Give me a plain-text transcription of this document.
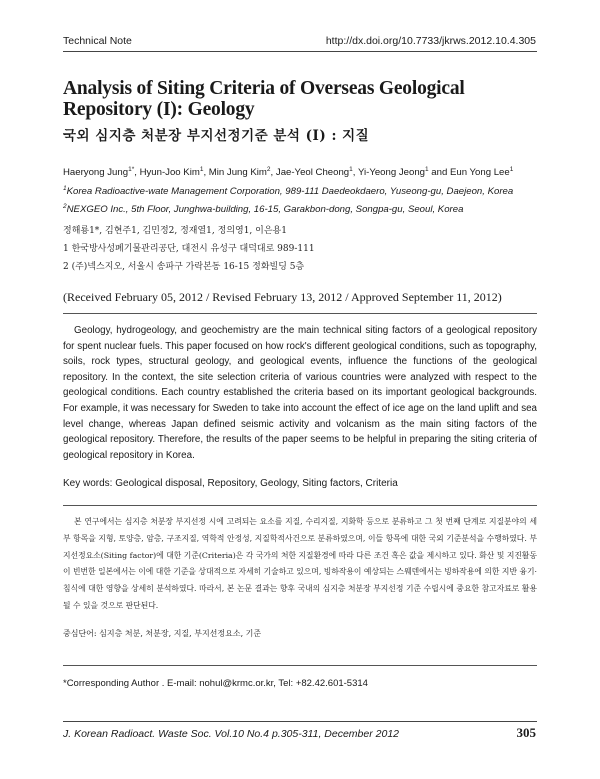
Technical Note	http://dx.doi.org/10.7733/jkrws.2012.10.4.305
Analysis of Siting Criteria of Overseas Geological Repository (I): Geology
국외 심지층 처분장 부지선정기준 분석 (I) : 지질
Haeryong Jung$^{1*}$, Hyun-Joo Kim$^1$, Min Jung Kim$^2$, Jae-Yeol Cheong$^1$, Yi-Yeong Jeong$^1$ and Eun Yong Lee$^1$
$^1$Korea Radioactive-wate Management Corporation, 989-111 Daedeokdaero, Yuseong-gu, Daejeon, Korea
$^2$NEXGEO Inc., 5th Floor, Junghwa-building, 16-15, Garakbon-dong, Songpa-gu, Seoul, Korea
정해룡1*, 김현주1, 김민정2, 정재열1, 정의영1, 이은용1
1 한국방사성폐기물관리공단, 대전시 유성구 대덕대로 989-111
2 (주)넥스지오, 서울시 송파구 가락본동 16-15 정화빌딩 5층
(Received February 05, 2012 / Revised February 13, 2012 / Approved September 11, 2012)
Geology, hydrogeology, and geochemistry are the main technical siting factors of a geological repository for spent nuclear fuels. This paper focused on how rock's different geological conditions, such as topography, soils, rock types, structural geology, and geological events, influence the functions of the geological repository. In the context, the site selection criteria of various countries were analyzed with respect to the geological conditions. Each country established the criteria based on its important geological backgrounds. For example, it was necessary for Sweden to take into account the effect of ice age on the land uplift and sea level change, whereas Japan defined seismic activity and volcanism as the main siting factors of the geological repository. Therefore, the results of the paper seems to be helpful in preparing the siting criteria of geological repository in Korea.
Key words: Geological disposal, Repository, Geology, Siting factors, Criteria
본 연구에서는 심지층 처분장 부지선정 시에 고려되는 요소를 지질, 수리지질, 지화학 등으로 분류하고 그 첫 번째 단계로 지질분야의 세부 항목을 지형, 토양층, 암층, 구조지질, 역학적 안정성, 지질학적사건으로 분류하였으며, 이들 항목에 대한 국외 기준분석을 수행하였다. 부지선정요소(Siting factor)에 대한 기준(Criteria)은 각 국가의 처한 지질환경에 따라 다른 조건 혹은 값을 제시하고 있다. 화산 및 지진활동이 빈번한 일본에서는 이에 대한 기준을 상대적으로 자세히 기술하고 있으며, 빙하작용이 예상되는 스웨덴에서는 빙하작용에 의한 지반 융기·침식에 대한 영향을 상세히 분석하였다. 따라서, 본 논문 결과는 향후 국내의 심지층 처분장 부지선정 기준 수립시에 중요한 참고자료로 활용될 수 있을 것으로 판단된다.
중심단어: 심지층 처분, 처분장, 지질, 부지선정요소, 기준
*Corresponding Author . E-mail: nohul@krmc.or.kr, Tel: +82.42.601-5314
J. Korean Radioact. Waste Soc. Vol.10 No.4 p.305-311, December 2012	305
